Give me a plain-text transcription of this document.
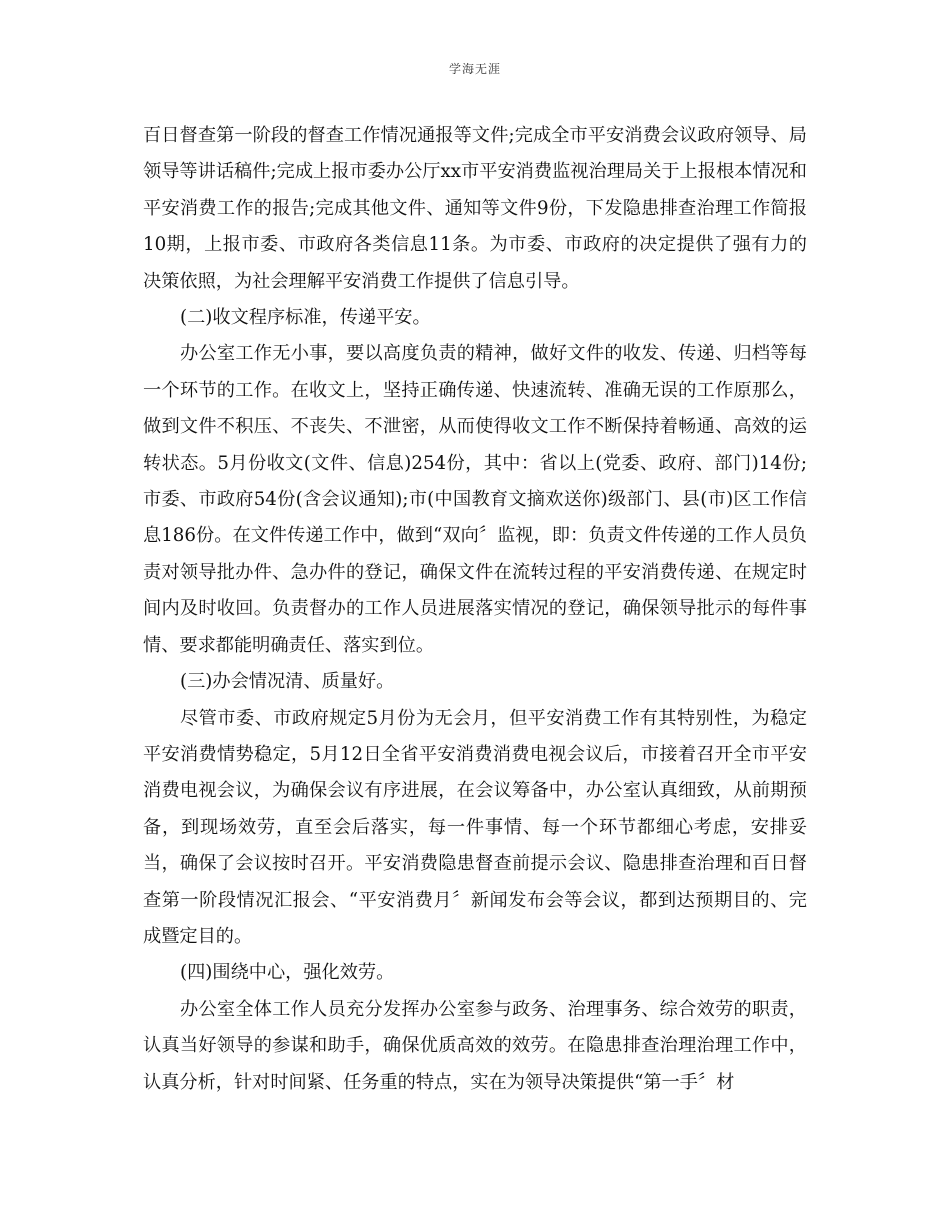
学海无涯

百日督查第一阶段的督查工作情况通报等文件;完成全市平安消费会议政府领导、局领导等讲话稿件;完成上报市委办公厅xx市平安消费监视治理局关于上报根本情况和平安消费工作的报告;完成其他文件、通知等文件9份，下发隐患排查治理工作简报10期，上报市委、市政府各类信息11条。为市委、市政府的决定提供了强有力的决策依照，为社会理解平安消费工作提供了信息引导。

(二)收文程序标准，传递平安。

办公室工作无小事，要以高度负责的精神，做好文件的收发、传递、归档等每一个环节的工作。在收文上，坚持正确传递、快速流转、准确无误的工作原那么，做到文件不积压、不丧失、不泄密，从而使得收文工作不断保持着畅通、高效的运转状态。5月份收文(文件、信息)254份，其中：省以上(党委、政府、部门)14份;市委、市政府54份(含会议通知);市(中国教育文摘欢送你)级部门、县(市)区工作信息186份。在文件传递工作中，做到“双向〞监视，即：负责文件传递的工作人员负责对领导批办件、急办件的登记，确保文件在流转过程的平安消费传递、在规定时间内及时收回。负责督办的工作人员进展落实情况的登记，确保领导批示的每件事情、要求都能明确责任、落实到位。

(三)办会情况清、质量好。

尽管市委、市政府规定5月份为无会月，但平安消费工作有其特别性，为稳定平安消费情势稳定，5月12日全省平安消费消费电视会议后，市接着召开全市平安消费电视会议，为确保会议有序进展，在会议筹备中，办公室认真细致，从前期预备，到现场效劳，直至会后落实，每一件事情、每一个环节都细心考虑，安排妥当，确保了会议按时召开。平安消费隐患督查前提示会议、隐患排查治理和百日督查第一阶段情况汇报会、“平安消费月〞新闻发布会等会议，都到达预期目的、完成暨定目的。

(四)围绕中心，强化效劳。

办公室全体工作人员充分发挥办公室参与政务、治理事务、综合效劳的职责，认真当好领导的参谋和助手，确保优质高效的效劳。在隐患排查治理治理工作中，认真分析，针对时间紧、任务重的特点，实在为领导决策提供“第一手〞材
